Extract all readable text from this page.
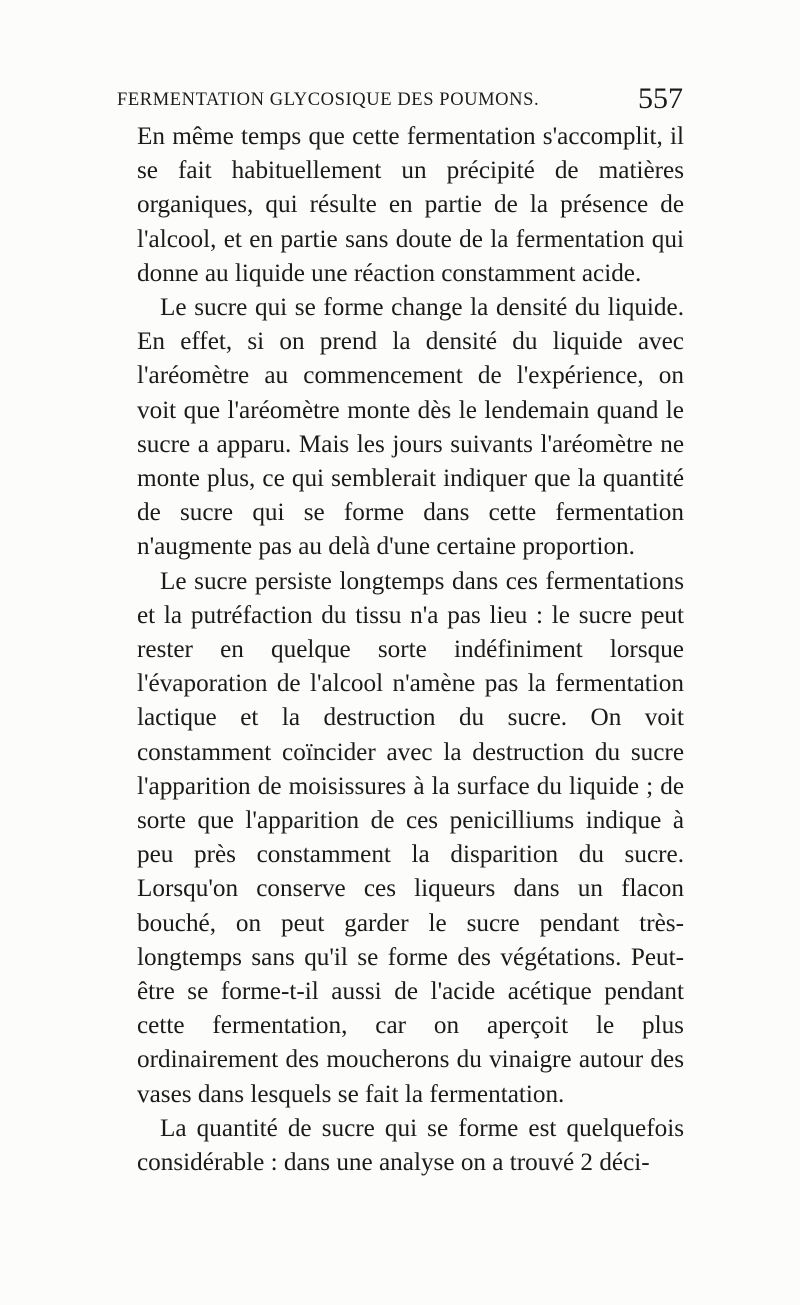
FERMENTATION GLYCOSIQUE DES POUMONS.	557

En même temps que cette fermentation s'accomplit, il se fait habituellement un précipité de matières organiques, qui résulte en partie de la présence de l'alcool, et en partie sans doute de la fermentation qui donne au liquide une réaction constamment acide.

Le sucre qui se forme change la densité du liquide. En effet, si on prend la densité du liquide avec l'aréomètre au commencement de l'expérience, on voit que l'aréomètre monte dès le lendemain quand le sucre a apparu. Mais les jours suivants l'aréomètre ne monte plus, ce qui semblerait indiquer que la quantité de sucre qui se forme dans cette fermentation n'augmente pas au delà d'une certaine proportion.

Le sucre persiste longtemps dans ces fermentations et la putréfaction du tissu n'a pas lieu : le sucre peut rester en quelque sorte indéfiniment lorsque l'évaporation de l'alcool n'amène pas la fermentation lactique et la destruction du sucre. On voit constamment coïncider avec la destruction du sucre l'apparition de moisissures à la surface du liquide ; de sorte que l'apparition de ces penicilliums indique à peu près constamment la disparition du sucre. Lorsqu'on conserve ces liqueurs dans un flacon bouché, on peut garder le sucre pendant très-longtemps sans qu'il se forme des végétations. Peut-être se forme-t-il aussi de l'acide acétique pendant cette fermentation, car on aperçoit le plus ordinairement des moucherons du vinaigre autour des vases dans lesquels se fait la fermentation.

La quantité de sucre qui se forme est quelquefois considérable : dans une analyse on a trouvé 2 déci-
